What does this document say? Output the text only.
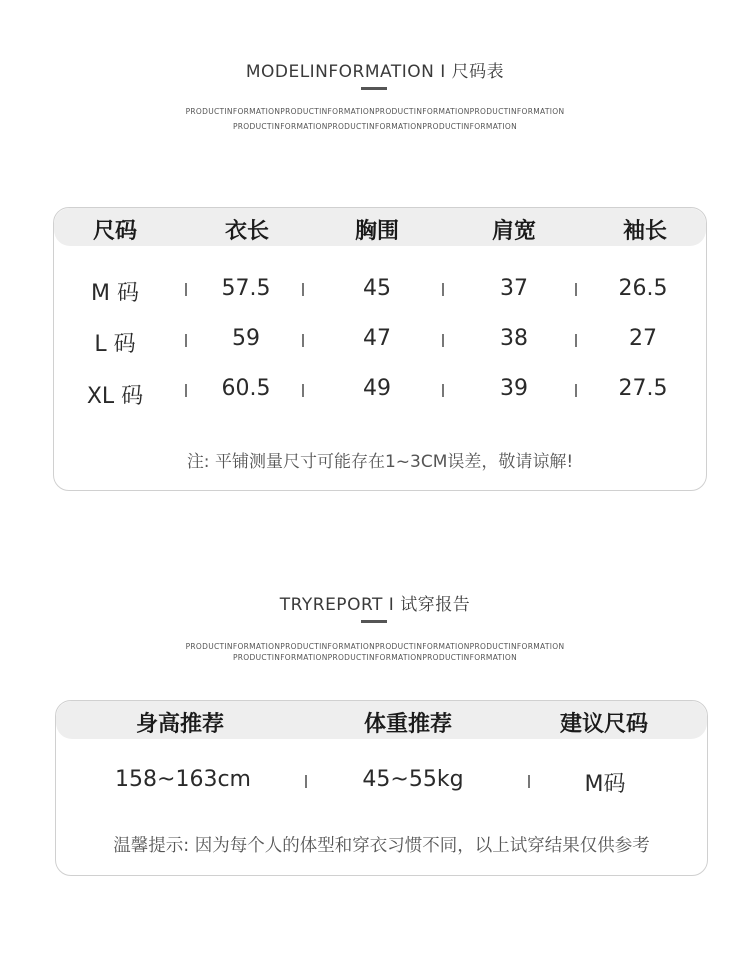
MODELINFORMATION Ⅰ 尺码表
PRODUCTINFORMATIONPRODUCTINFORMATIONPRODUCTINFORMATIONPRODUCTINFORMATION
PRODUCTINFORMATIONPRODUCTINFORMATIONPRODUCTINFORMATION
尺码	衣长	胸围	肩宽	袖长
M 码	57.5	45	37	26.5
L 码	59	47	38	27
XL 码	60.5	49	39	27.5
注: 平铺测量尺寸可能存在1~3CM误差，敬请谅解!
TRYREPORT Ⅰ 试穿报告
PRODUCTINFORMATIONPRODUCTINFORMATIONPRODUCTINFORMATIONPRODUCTINFORMATION
PRODUCTINFORMATIONPRODUCTINFORMATIONPRODUCTINFORMATION
身高推荐	体重推荐	建议尺码
158~163cm	45~55kg	M码
温馨提示: 因为每个人的体型和穿衣习惯不同，以上试穿结果仅供参考
